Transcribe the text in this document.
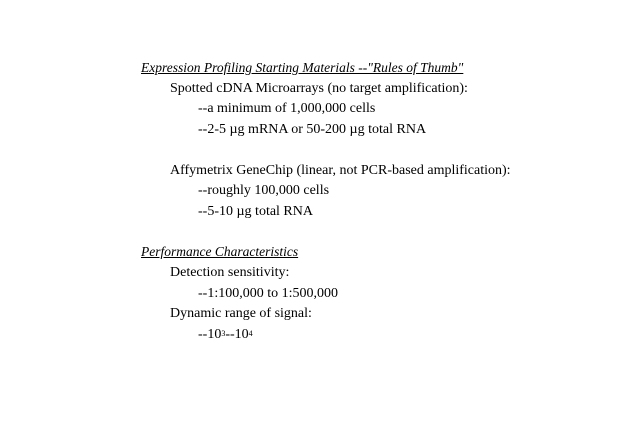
Expression Profiling Starting Materials --"Rules of Thumb"
Spotted cDNA Microarrays (no target amplification):
--a minimum of 1,000,000 cells
--2-5 µg mRNA or 50-200 µg total RNA
Affymetrix GeneChip (linear, not PCR-based amplification):
--roughly 100,000 cells
--5-10 µg total RNA
Performance Characteristics
Detection sensitivity:
--1:100,000 to 1:500,000
Dynamic range of signal:
$--10^3--10^4$
